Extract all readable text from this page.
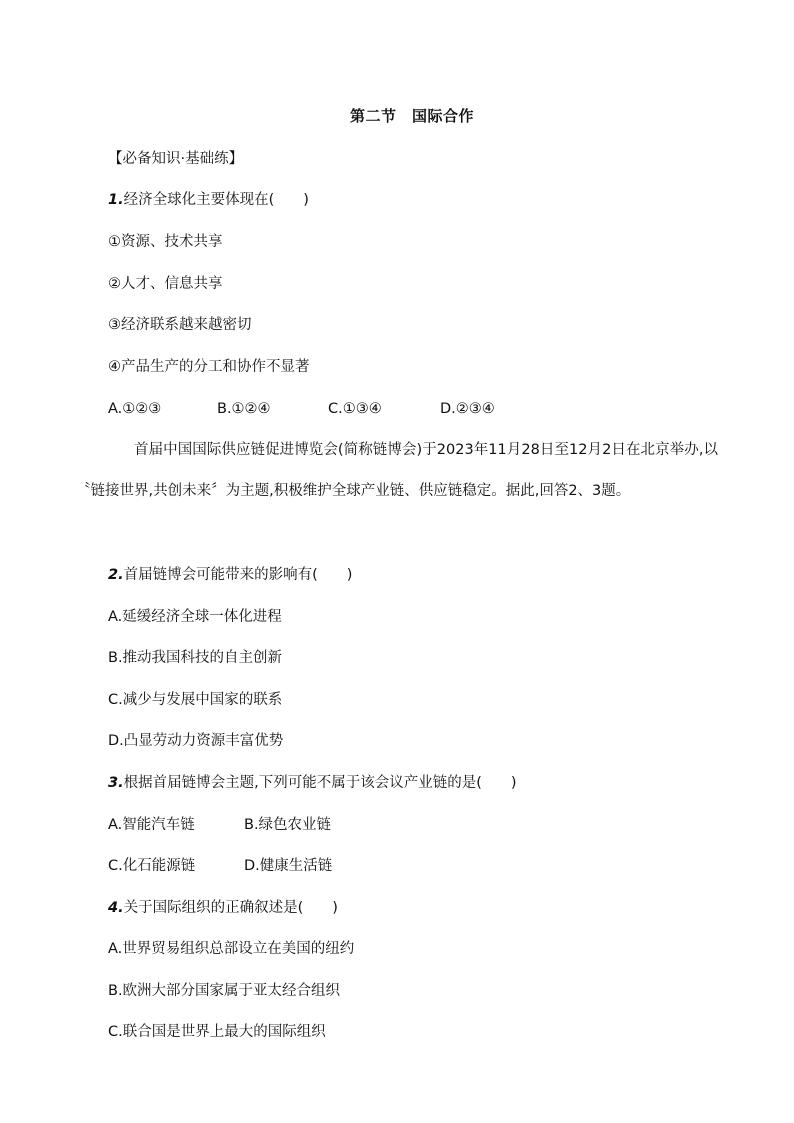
第二节　国际合作
【必备知识·基础练】
1.经济全球化主要体现在(　　)
①资源、技术共享
②人才、信息共享
③经济联系越来越密切
④产品生产的分工和协作不显著
A.①②③	B.①②④	C.①③④	D.②③④
首届中国国际供应链促进博览会(简称链博会)于2023年11月28日至12月2日在北京举办,以〝链接世界,共创未来〞为主题,积极维护全球产业链、供应链稳定。据此,回答2、3题。
2.首届链博会可能带来的影响有(　　)
A.延缓经济全球一体化进程
B.推动我国科技的自主创新
C.减少与发展中国家的联系
D.凸显劳动力资源丰富优势
3.根据首届链博会主题,下列可能不属于该会议产业链的是(　　)
A.智能汽车链	B.绿色农业链
C.化石能源链	D.健康生活链
4.关于国际组织的正确叙述是(　　)
A.世界贸易组织总部设立在美国的纽约
B.欧洲大部分国家属于亚太经合组织
C.联合国是世界上最大的国际组织
